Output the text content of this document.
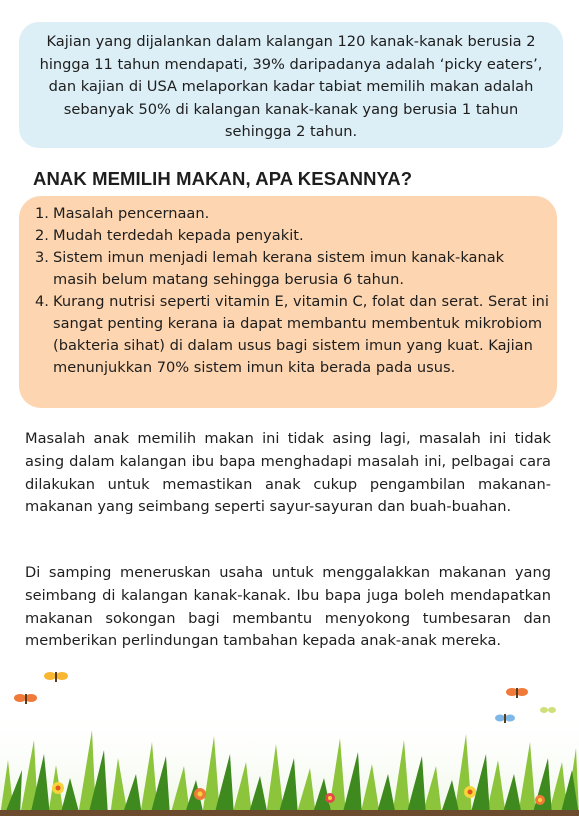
Kajian yang dijalankan dalam kalangan 120 kanak-kanak berusia 2 hingga 11 tahun mendapati, 39% daripadanya adalah ‘picky eaters’, dan kajian di USA melaporkan kadar tabiat memilih makan adalah sebanyak 50% di kalangan kanak-kanak yang berusia 1 tahun sehingga 2 tahun.
ANAK MEMILIH MAKAN, APA KESANNYA?
1. Masalah pencernaan.
2. Mudah terdedah kepada penyakit.
3. Sistem imun menjadi lemah kerana sistem imun kanak-kanak masih belum matang sehingga berusia 6 tahun.
4. Kurang nutrisi seperti vitamin E, vitamin C, folat dan serat. Serat ini sangat penting kerana ia dapat membantu membentuk mikrobiom (bakteria sihat) di dalam usus bagi sistem imun yang kuat. Kajian menunjukkan 70% sistem imun kita berada pada usus.

Masalah anak memilih makan ini tidak asing lagi, masalah ini tidak asing dalam kalangan ibu bapa menghadapi masalah ini, pelbagai cara dilakukan untuk memastikan anak cukup pengambilan makanan-makanan yang seimbang seperti sayur-sayuran dan buah-buahan.

Di samping meneruskan usaha untuk menggalakkan makanan yang seimbang di kalangan kanak-kanak. Ibu bapa juga boleh mendapatkan makanan sokongan bagi membantu menyokong tumbesaran dan memberikan perlindungan tambahan kepada anak-anak mereka.
